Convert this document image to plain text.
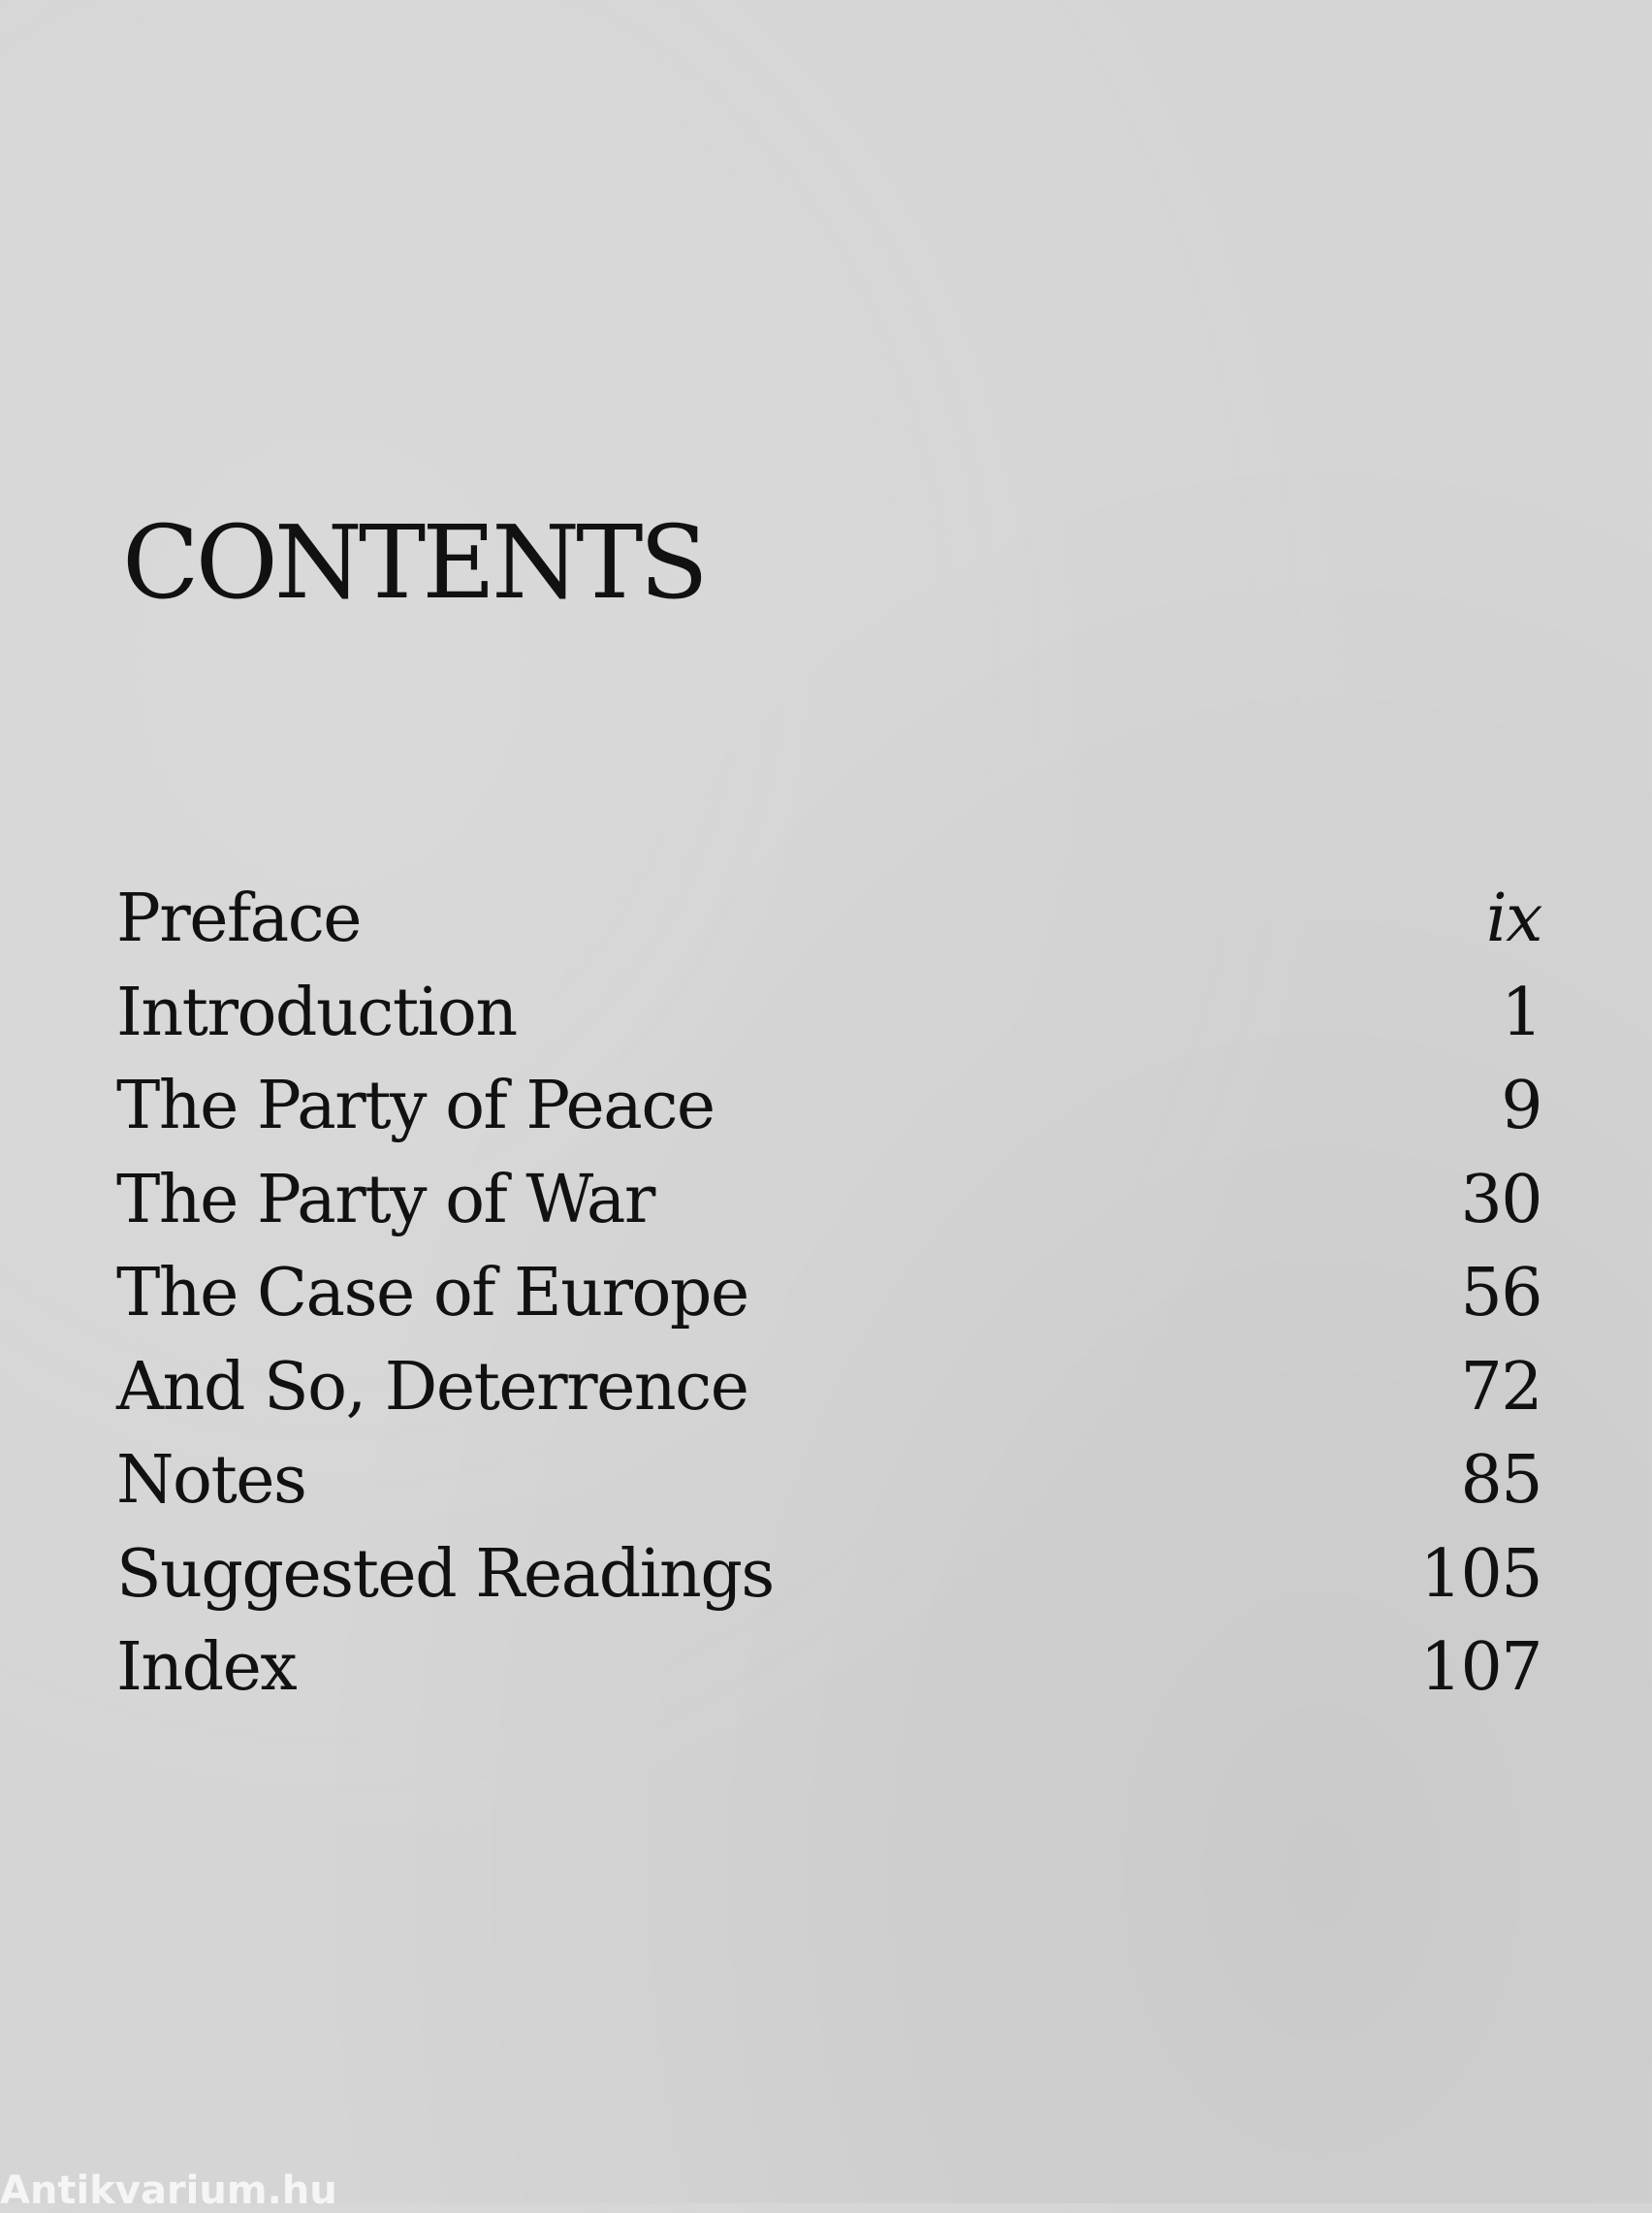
CONTENTS
Preface	ix
Introduction	1
The Party of Peace	9
The Party of War	30
The Case of Europe	56
And So, Deterrence	72
Notes	85
Suggested Readings	105
Index	107
Antikvarium.hu
